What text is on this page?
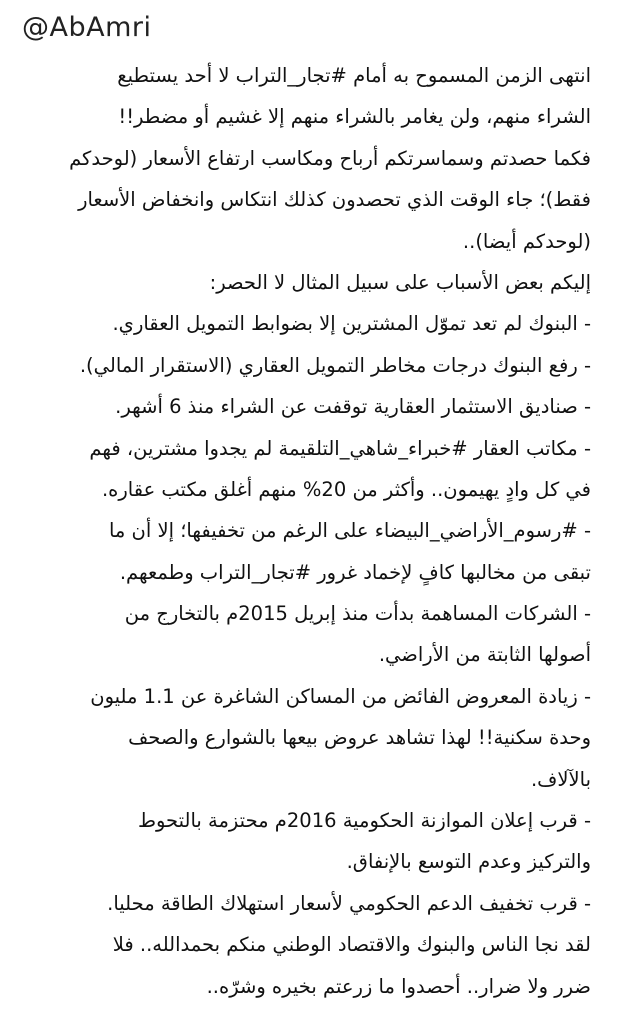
@AbAmri
انتهى الزمن المسموح به أمام #تجار_التراب لا أحد يستطيع
الشراء منهم، ولن يغامر بالشراء منهم إلا غشيم أو مضطر!!
فكما حصدتم وسماسرتكم أرباح ومكاسب ارتفاع الأسعار (لوحدكم
فقط)؛ جاء الوقت الذي تحصدون كذلك انتكاس وانخفاض الأسعار
(لوحدكم أيضا)..
إليكم بعض الأسباب على سبيل المثال لا الحصر:
- البنوك لم تعد تموّل المشترين إلا بضوابط التمويل العقاري.
- رفع البنوك درجات مخاطر التمويل العقاري (الاستقرار المالي).
- صناديق الاستثمار العقارية توقفت عن الشراء منذ 6 أشهر.
- مكاتب العقار #خبراء_شاهي_التلقيمة لم يجدوا مشترين، فهم
في كل وادٍ يهيمون.. وأكثر من 20% منهم أغلق مكتب عقاره.
- #رسوم_الأراضي_البيضاء على الرغم من تخفيفها؛ إلا أن ما
تبقى من مخالبها كافٍ لإخماد غرور #تجار_التراب وطمعهم.
- الشركات المساهمة بدأت منذ إبريل 2015م بالتخارج من
أصولها الثابتة من الأراضي.
- زيادة المعروض الفائض من المساكن الشاغرة عن 1.1 مليون
وحدة سكنية!! لهذا تشاهد عروض بيعها بالشوارع والصحف
بالآلاف.
- قرب إعلان الموازنة الحكومية 2016م محتزمة بالتحوط
والتركيز وعدم التوسع بالإنفاق.
- قرب تخفيف الدعم الحكومي لأسعار استهلاك الطاقة محليا.
لقد نجا الناس والبنوك والاقتصاد الوطني منكم بحمدالله.. فلا
ضرر ولا ضرار.. أحصدوا ما زرعتم بخيره وشرّه..
